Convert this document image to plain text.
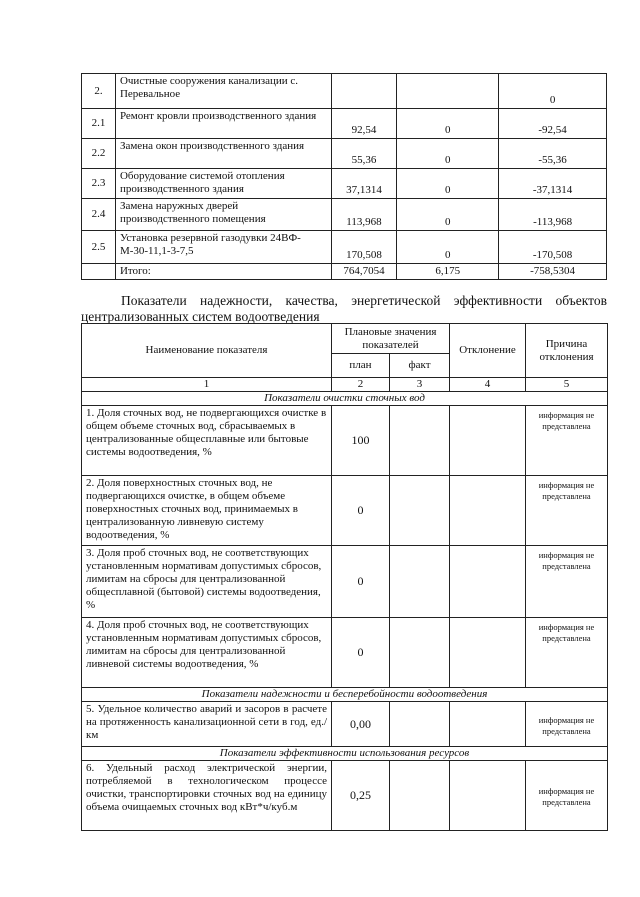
2.	Очистные сооружения канализации с. Перевальное			0
2.1	Ремонт кровли производственного здания	92,54	0	-92,54
2.2	Замена окон производственного здания	55,36	0	-55,36
2.3	Оборудование системой отопления производственного здания	37,1314	0	-37,1314
2.4	Замена наружных дверей производственного помещения	113,968	0	-113,968
2.5	Установка резервной газодувки 24ВФ-М-30-11,1-3-7,5	170,508	0	-170,508
	Итого:	764,7054	6,175	-758,5304
Показатели надежности, качества, энергетической эффективности объектов централизованных систем водоотведения
Наименование показателя	Плановые значения показателей		Отклонение	Причина отклонения
	план	факт		
1	2	3	4	5
Показатели очистки сточных вод				
1. Доля сточных вод, не подвергающихся очистке в общем объеме сточных вод, сбрасываемых в централизованные общесплавные или бытовые системы водоотведения, %	100			информация не представлена
2. Доля поверхностных сточных вод, не подвергающихся очистке, в общем объеме поверхностных сточных вод, принимаемых в централизованную ливневую систему водоотведения, %	0			информация не представлена
3. Доля проб сточных вод, не соответствующих установленным нормативам допустимых сбросов, лимитам на сбросы для централизованной общесплавной (бытовой) системы водоотведения, %	0			информация не представлена
4. Доля проб сточных вод, не соответствующих установленным нормативам допустимых сбросов, лимитам на сбросы для централизованной ливневой системы водоотведения, %	0			информация не представлена
Показатели надежности и бесперебойности водоотведения				
5. Удельное количество аварий и засоров в расчете на протяженность канализационной сети в год, ед./км	0,00			информация не представлена
Показатели эффективности использования ресурсов				
6. Удельный расход электрической энергии, потребляемой в технологическом процессе очистки, транспортировки сточных вод на единицу объема очищаемых сточных вод кВт*ч/куб.м	0,25			информация не представлена
